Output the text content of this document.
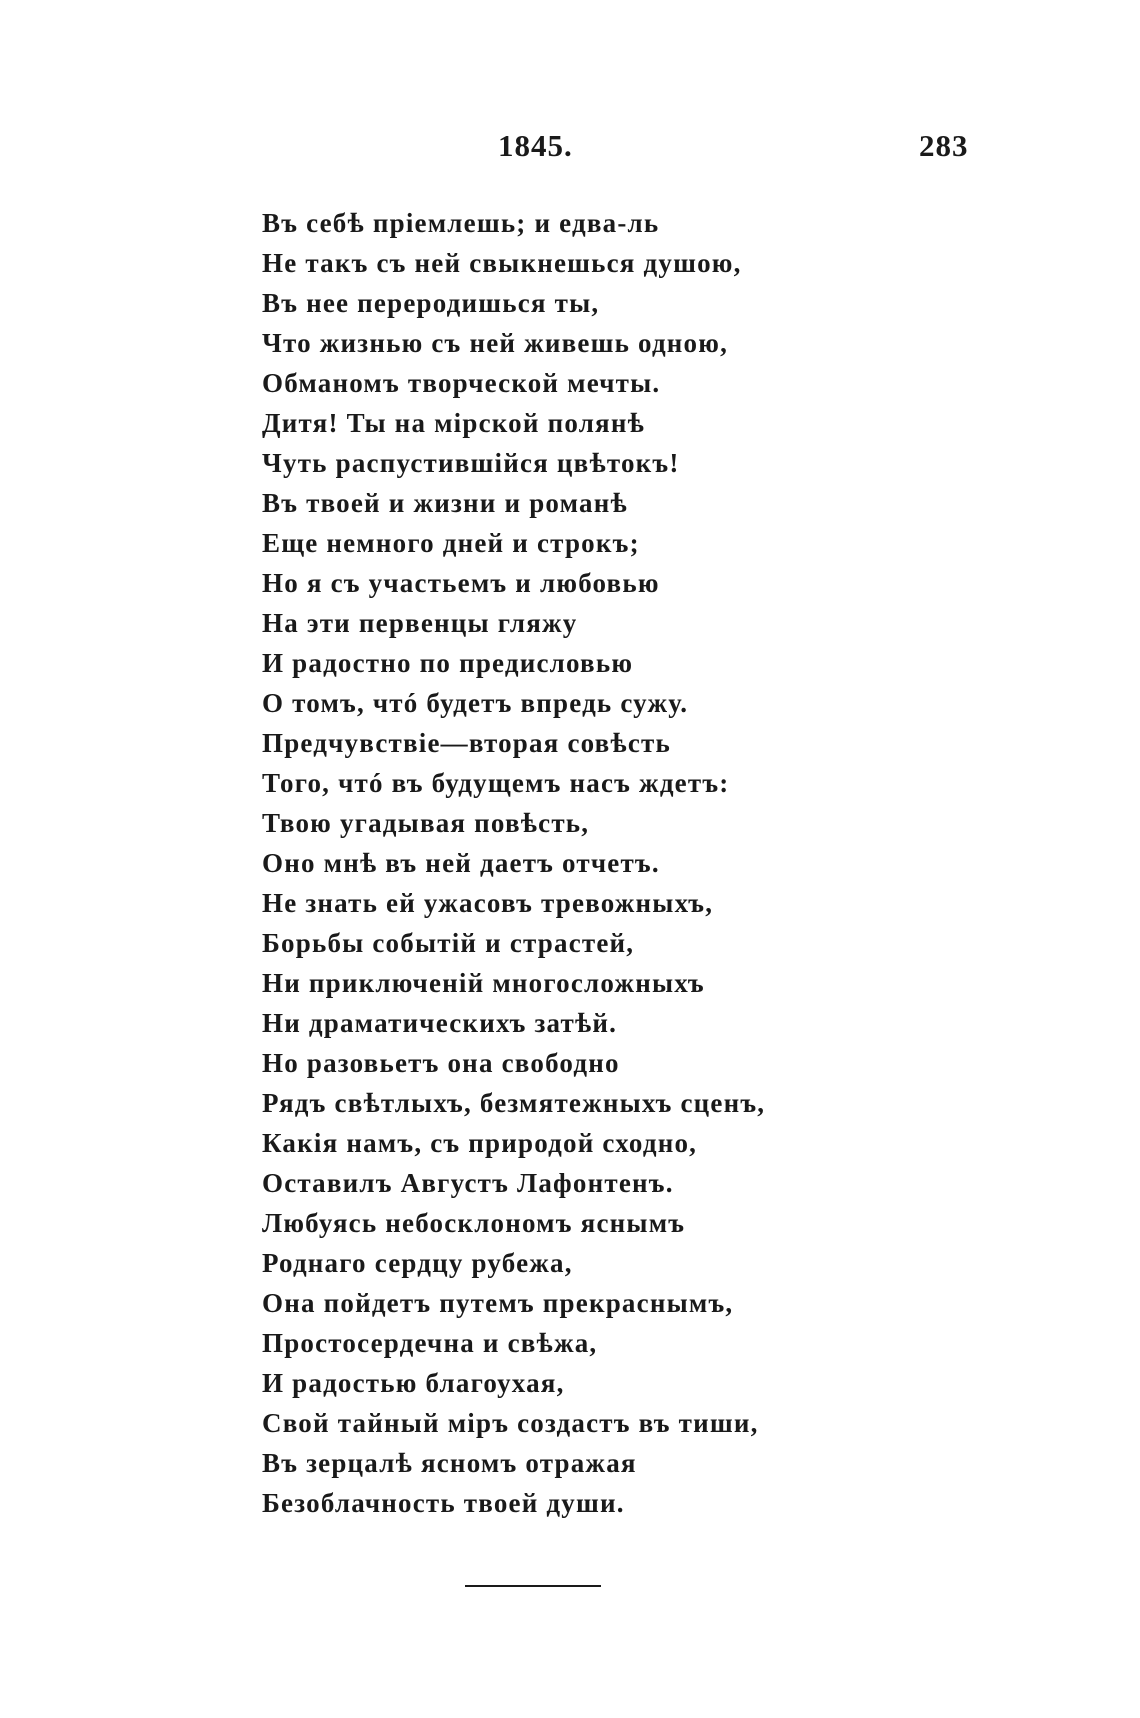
1845.	283
Въ себѣ пріемлешь; и едва-ль
Не такъ съ ней свыкнешься душою,
Въ нее переродишься ты,
Что жизнью съ ней живешь одною,
Обманомъ творческой мечты.
Дитя! Ты на мірской полянѣ
Чуть распустившійся цвѣтокъ!
Въ твоей и жизни и романѣ
Еще немного дней и строкъ;
Но я съ участьемъ и любовью
На эти первенцы гляжу
И радостно по предисловью
О томъ, чтó будетъ впредь сужу.
Предчувствіе—вторая совѣсть
Того, чтó въ будущемъ насъ ждетъ:
Твою угадывая повѣсть,
Оно мнѣ въ ней даетъ отчетъ.
Не знать ей ужасовъ тревожныхъ,
Борьбы событій и страстей,
Ни приключеній многосложныхъ
Ни драматическихъ затѣй.
Но разовьетъ она свободно
Рядъ свѣтлыхъ, безмятежныхъ сценъ,
Какія намъ, съ природой сходно,
Оставилъ Августъ Лафонтенъ.
Любуясь небосклономъ яснымъ
Роднаго сердцу рубежа,
Она пойдетъ путемъ прекраснымъ,
Простосердечна и свѣжа,
И радостью благоухая,
Свой тайный міръ создастъ въ тиши,
Въ зерцалѣ ясномъ отражая
Безоблачность твоей души.
